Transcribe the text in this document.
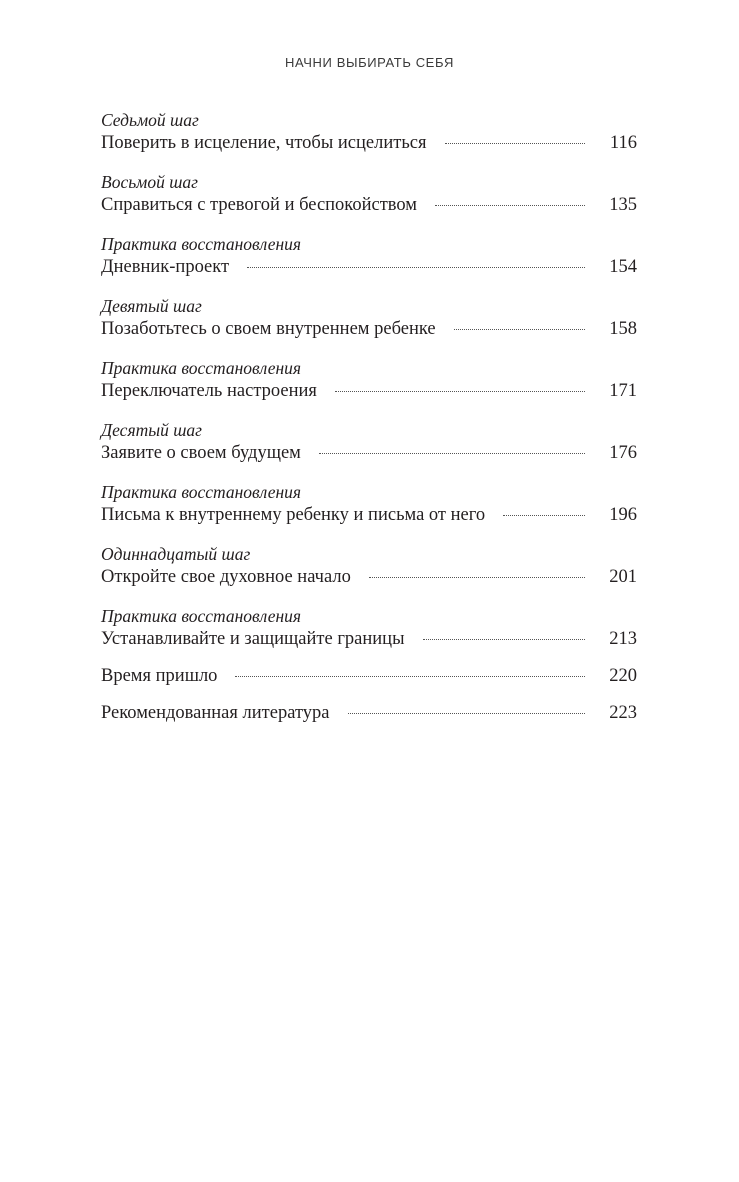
НАЧНИ ВЫБИРАТЬ СЕБЯ
Седьмой шаг
Поверить в исцеление, чтобы исцелиться	116
Восьмой шаг
Справиться с тревогой и беспокойством	135
Практика восстановления
Дневник-проект	154
Девятый шаг
Позаботьтесь о своем внутреннем ребенке	158
Практика восстановления
Переключатель настроения	171
Десятый шаг
Заявите о своем будущем	176
Практика восстановления
Письма к внутреннему ребенку и письма от него	196
Одиннадцатый шаг
Откройте свое духовное начало	201
Практика восстановления
Устанавливайте и защищайте границы	213
Время пришло	220
Рекомендованная литература	223
